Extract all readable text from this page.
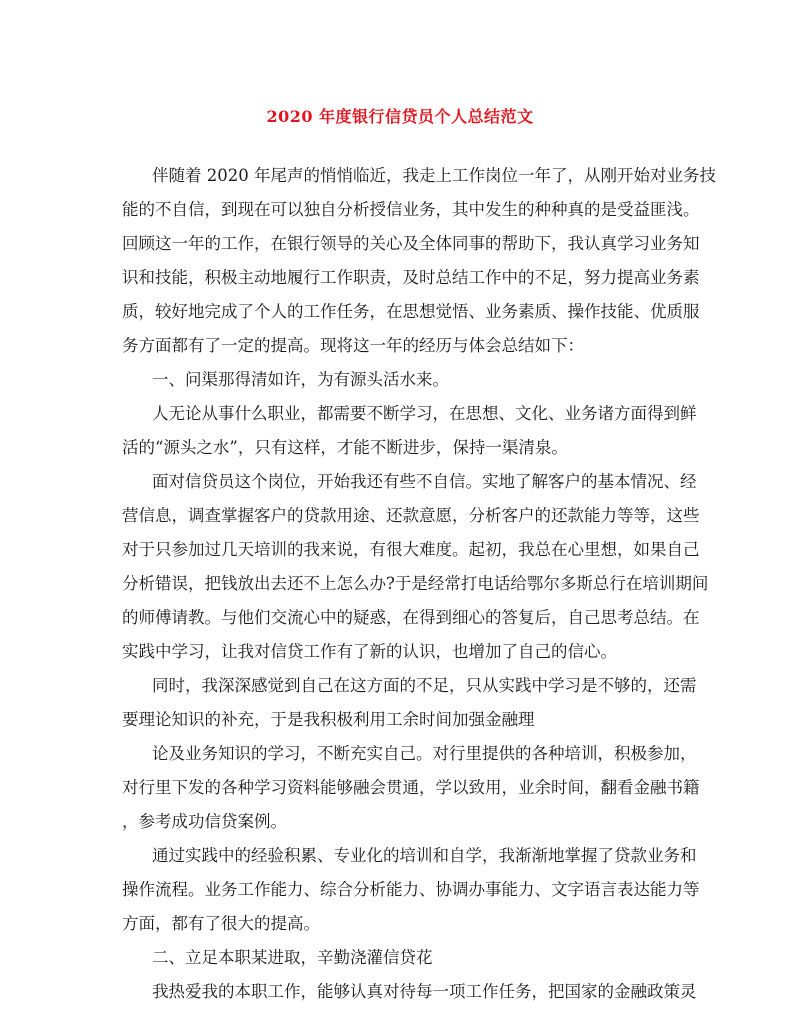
2020 年度银行信贷员个人总结范文
伴随着 2020 年尾声的悄悄临近，我走上工作岗位一年了，从刚开始对业务技
能的不自信，到现在可以独自分析授信业务，其中发生的种种真的是受益匪浅。
回顾这一年的工作，在银行领导的关心及全体同事的帮助下，我认真学习业务知
识和技能，积极主动地履行工作职责，及时总结工作中的不足，努力提高业务素
质，较好地完成了个人的工作任务，在思想觉悟、业务素质、操作技能、优质服
务方面都有了一定的提高。现将这一年的经历与体会总结如下：
一、问渠那得清如许，为有源头活水来。
人无论从事什么职业，都需要不断学习，在思想、文化、业务诸方面得到鲜
活的“源头之水”，只有这样，才能不断进步，保持一渠清泉。
面对信贷员这个岗位，开始我还有些不自信。实地了解客户的基本情况、经
营信息，调查掌握客户的贷款用途、还款意愿，分析客户的还款能力等等，这些
对于只参加过几天培训的我来说，有很大难度。起初，我总在心里想，如果自己
分析错误，把钱放出去还不上怎么办?于是经常打电话给鄂尔多斯总行在培训期间
的师傅请教。与他们交流心中的疑惑，在得到细心的答复后，自己思考总结。在
实践中学习，让我对信贷工作有了新的认识，也增加了自己的信心。
同时，我深深感觉到自己在这方面的不足，只从实践中学习是不够的，还需
要理论知识的补充，于是我积极利用工余时间加强金融理
论及业务知识的学习，不断充实自己。对行里提供的各种培训，积极参加，
对行里下发的各种学习资料能够融会贯通，学以致用，业余时间，翻看金融书籍
，参考成功信贷案例。
通过实践中的经验积累、专业化的培训和自学，我渐渐地掌握了贷款业务和
操作流程。业务工作能力、综合分析能力、协调办事能力、文字语言表达能力等
方面，都有了很大的提高。
二、立足本职某进取，辛勤浇灌信贷花
我热爱我的本职工作，能够认真对待每一项工作任务，把国家的金融政策灵
